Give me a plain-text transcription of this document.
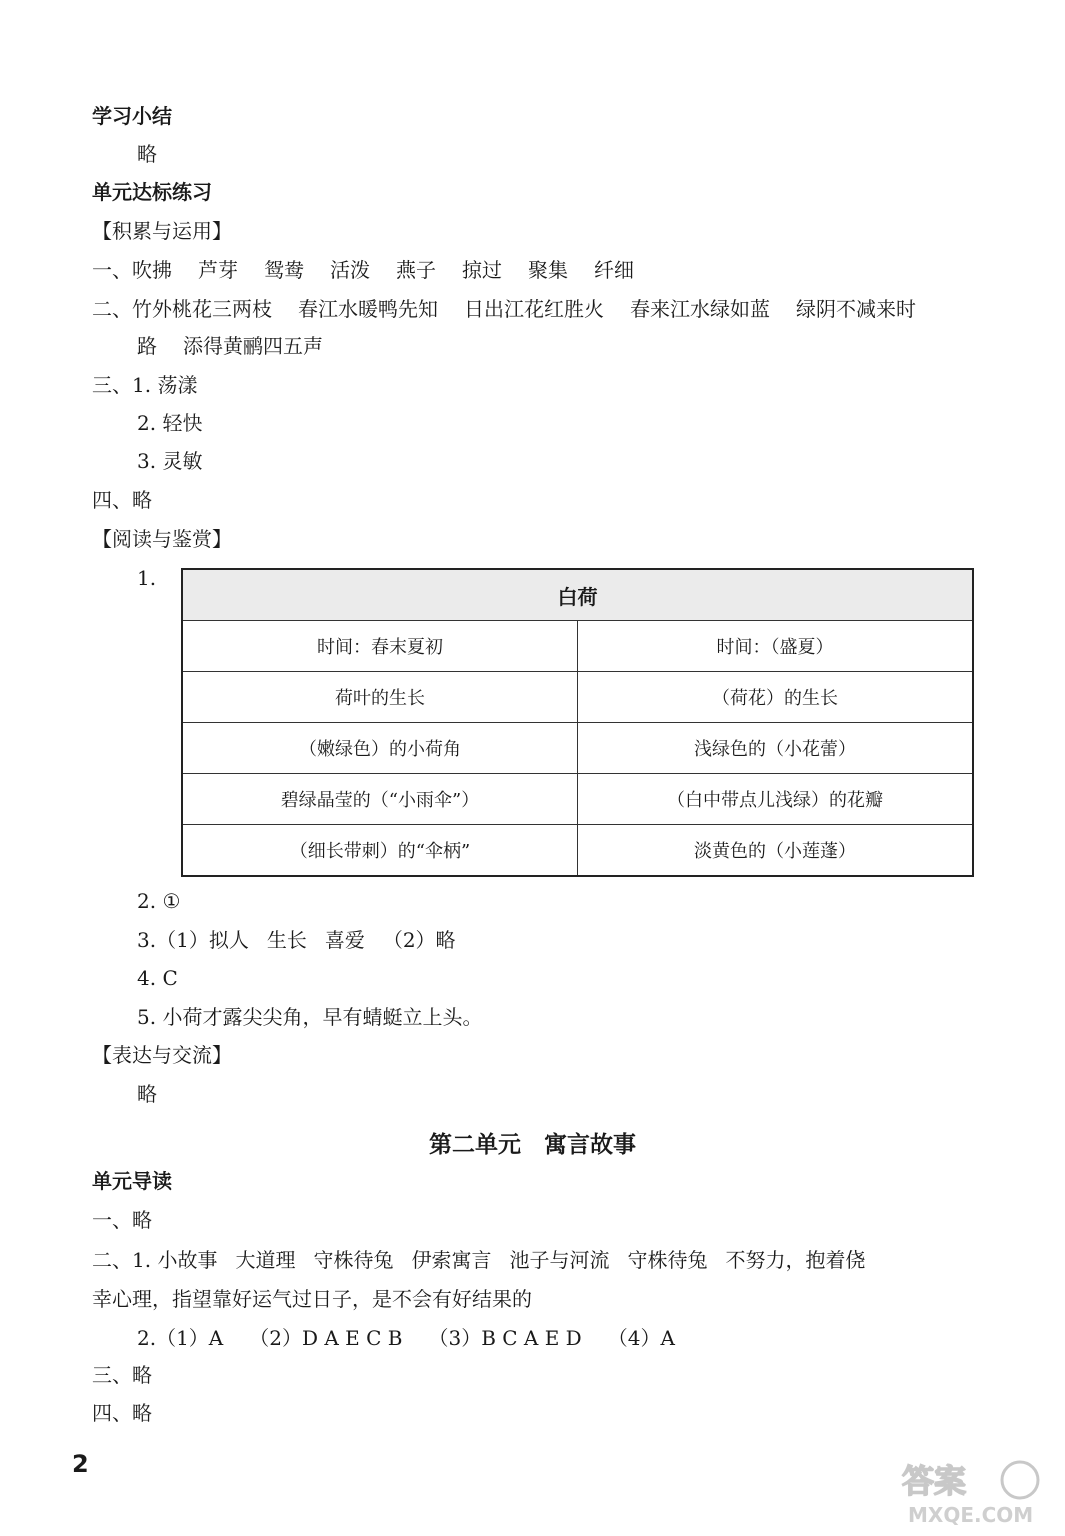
学习小结
略
单元达标练习
【积累与运用】
一、吹拂 芦芽 鸳鸯 活泼 燕子 掠过 聚集 纤细
二、竹外桃花三两枝 春江水暖鸭先知 日出江花红胜火 春来江水绿如蓝 绿阴不减来时
路 添得黄鹂四五声
三、1. 荡漾
2. 轻快
3. 灵敏
四、略
【阅读与鉴赏】
1.
白荷	
时间：春末夏初	时间：（盛夏）
荷叶的生长	（荷花）的生长
（嫩绿色）的小荷角	浅绿色的（小花蕾）
碧绿晶莹的（“小雨伞”）	（白中带点儿浅绿）的花瓣
（细长带刺）的“伞柄”	淡黄色的（小莲蓬）
2. ①
3.（1）拟人 生长 喜爱 （2）略
4. C
5. 小荷才露尖尖角，早有蜻蜓立上头。
【表达与交流】
略
第二单元　寓言故事
单元导读
一、略
二、1. 小故事 大道理 守株待兔 伊索寓言 池子与河流 守株待兔 不努力，抱着侥
幸心理，指望靠好运气过日子，是不会有好结果的
2.（1）A （2）D A E C B （3）B C A E D （4）A
三、略
四、略
2	答案
MXQE.COM
